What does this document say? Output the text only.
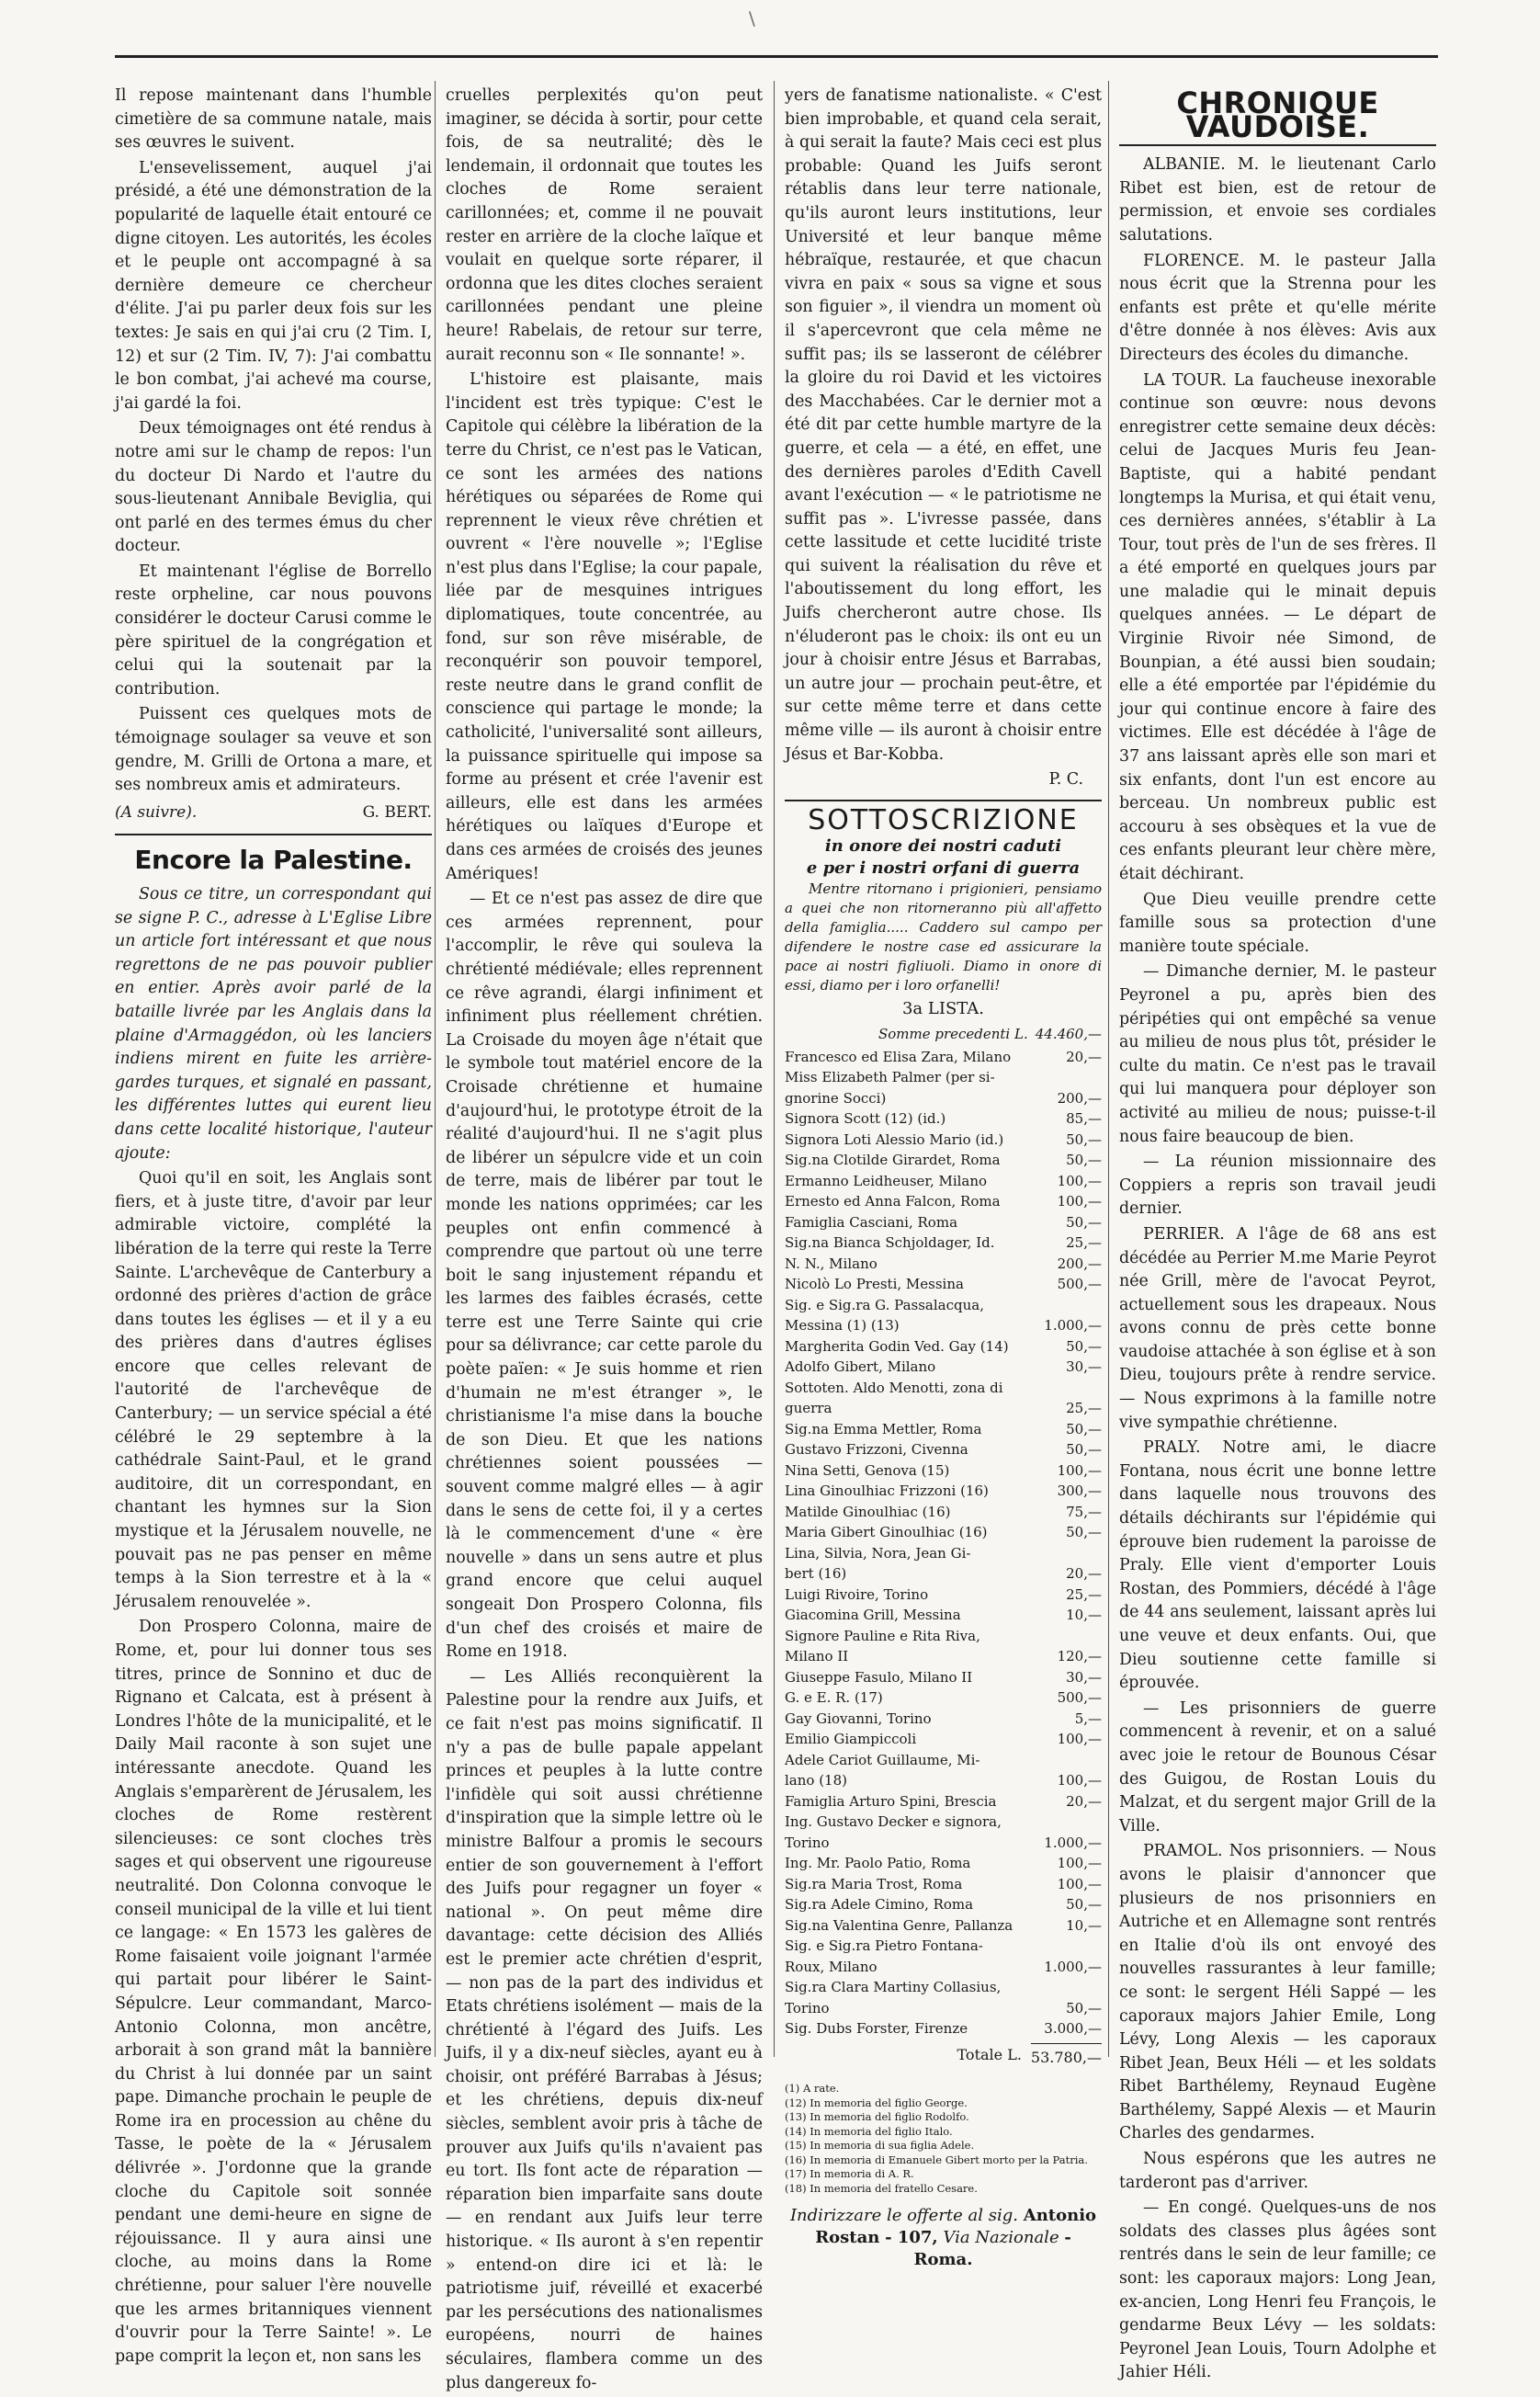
\

Il repose maintenant dans l'humble cimetière de sa commune natale, mais ses œuvres le suivent.

L'ensevelissement, auquel j'ai présidé, a été une démonstration de la popularité de laquelle était entouré ce digne citoyen. Les autorités, les écoles et le peuple ont accompagné à sa dernière demeure ce chercheur d'élite. J'ai pu parler deux fois sur les textes: Je sais en qui j'ai cru (2 Tim. I, 12) et sur (2 Tim. IV, 7): J'ai combattu le bon combat, j'ai achevé ma course, j'ai gardé la foi.

Deux témoignages ont été rendus à notre ami sur le champ de repos: l'un du docteur Di Nardo et l'autre du sous-lieutenant Annibale Beviglia, qui ont parlé en des termes émus du cher docteur.

Et maintenant l'église de Borrello reste orpheline, car nous pouvons considérer le docteur Carusi comme le père spirituel de la congrégation et celui qui la soutenait par la contribution.

Puissent ces quelques mots de témoignage soulager sa veuve et son gendre, M. Grilli de Ortona a mare, et ses nombreux amis et admirateurs.

(A suivre).	G. BERT.
Encore la Palestine.

Sous ce titre, un correspondant qui se signe P. C., adresse à L'Eglise Libre un article fort intéressant et que nous regrettons de ne pas pouvoir publier en entier. Après avoir parlé de la bataille livrée par les Anglais dans la plaine d'Armaggédon, où les lanciers indiens mirent en fuite les arrière-gardes turques, et signalé en passant, les différentes luttes qui eurent lieu dans cette localité historique, l'auteur ajoute:

Quoi qu'il en soit, les Anglais sont fiers, et à juste titre, d'avoir par leur admirable victoire, complété la libération de la terre qui reste la Terre Sainte. L'archevêque de Canterbury a ordonné des prières d'action de grâce dans toutes les églises — et il y a eu des prières dans d'autres églises encore que celles relevant de l'autorité de l'archevêque de Canterbury; — un service spécial a été célébré le 29 septembre à la cathédrale Saint-Paul, et le grand auditoire, dit un correspondant, en chantant les hymnes sur la Sion mystique et la Jérusalem nouvelle, ne pouvait pas ne pas penser en même temps à la Sion terrestre et à la « Jérusalem renouvelée ».

Don Prospero Colonna, maire de Rome, et, pour lui donner tous ses titres, prince de Sonnino et duc de Rignano et Calcata, est à présent à Londres l'hôte de la municipalité, et le Daily Mail raconte à son sujet une intéressante anecdote. Quand les Anglais s'emparèrent de Jérusalem, les cloches de Rome restèrent silencieuses: ce sont cloches très sages et qui observent une rigoureuse neutralité. Don Colonna convoque le conseil municipal de la ville et lui tient ce langage: « En 1573 les galères de Rome faisaient voile joignant l'armée qui partait pour libérer le Saint-Sépulcre. Leur commandant, Marco-Antonio Colonna, mon ancêtre, arborait à son grand mât la bannière du Christ à lui donnée par un saint pape. Dimanche prochain le peuple de Rome ira en procession au chêne du Tasse, le poète de la « Jérusalem délivrée ». J'ordonne que la grande cloche du Capitole soit sonnée pendant une demi-heure en signe de réjouissance. Il y aura ainsi une cloche, au moins dans la Rome chrétienne, pour saluer l'ère nouvelle que les armes britanniques viennent d'ouvrir pour la Terre Sainte! ». Le pape comprit la leçon et, non sans les

cruelles perplexités qu'on peut imaginer, se décida à sortir, pour cette fois, de sa neutralité; dès le lendemain, il ordonnait que toutes les cloches de Rome seraient carillonnées; et, comme il ne pouvait rester en arrière de la cloche laïque et voulait en quelque sorte réparer, il ordonna que les dites cloches seraient carillonnées pendant une pleine heure! Rabelais, de retour sur terre, aurait reconnu son « Ile sonnante! ».

L'histoire est plaisante, mais l'incident est très typique: C'est le Capitole qui célèbre la libération de la terre du Christ, ce n'est pas le Vatican, ce sont les armées des nations hérétiques ou séparées de Rome qui reprennent le vieux rêve chrétien et ouvrent « l'ère nouvelle »; l'Eglise n'est plus dans l'Eglise; la cour papale, liée par de mesquines intrigues diplomatiques, toute concentrée, au fond, sur son rêve misérable, de reconquérir son pouvoir temporel, reste neutre dans le grand conflit de conscience qui partage le monde; la catholicité, l'universalité sont ailleurs, la puissance spirituelle qui impose sa forme au présent et crée l'avenir est ailleurs, elle est dans les armées hérétiques ou laïques d'Europe et dans ces armées de croisés des jeunes Amériques!

— Et ce n'est pas assez de dire que ces armées reprennent, pour l'accomplir, le rêve qui souleva la chrétienté médiévale; elles reprennent ce rêve agrandi, élargi infiniment et infiniment plus réellement chrétien. La Croisade du moyen âge n'était que le symbole tout matériel encore de la Croisade chrétienne et humaine d'aujourd'hui, le prototype étroit de la réalité d'aujourd'hui. Il ne s'agit plus de libérer un sépulcre vide et un coin de terre, mais de libérer par tout le monde les nations opprimées; car les peuples ont enfin commencé à comprendre que partout où une terre boit le sang injustement répandu et les larmes des faibles écrasés, cette terre est une Terre Sainte qui crie pour sa délivrance; car cette parole du poète païen: « Je suis homme et rien d'humain ne m'est étranger », le christianisme l'a mise dans la bouche de son Dieu. Et que les nations chrétiennes soient poussées — souvent comme malgré elles — à agir dans le sens de cette foi, il y a certes là le commencement d'une « ère nouvelle » dans un sens autre et plus grand encore que celui auquel songeait Don Prospero Colonna, fils d'un chef des croisés et maire de Rome en 1918.

— Les Alliés reconquièrent la Palestine pour la rendre aux Juifs, et ce fait n'est pas moins significatif. Il n'y a pas de bulle papale appelant princes et peuples à la lutte contre l'infidèle qui soit aussi chrétienne d'inspiration que la simple lettre où le ministre Balfour a promis le secours entier de son gouvernement à l'effort des Juifs pour regagner un foyer « national ». On peut même dire davantage: cette décision des Alliés est le premier acte chrétien d'esprit, — non pas de la part des individus et Etats chrétiens isolément — mais de la chrétienté à l'égard des Juifs. Les Juifs, il y a dix-neuf siècles, ayant eu à choisir, ont préféré Barrabas à Jésus; et les chrétiens, depuis dix-neuf siècles, semblent avoir pris à tâche de prouver aux Juifs qu'ils n'avaient pas eu tort. Ils font acte de réparation — réparation bien imparfaite sans doute — en rendant aux Juifs leur terre historique. « Ils auront à s'en repentir » entend-on dire ici et là: le patriotisme juif, réveillé et exacerbé par les persécutions des nationalismes européens, nourri de haines séculaires, flambera comme un des plus dangereux fo-

yers de fanatisme nationaliste. « C'est bien improbable, et quand cela serait, à qui serait la faute? Mais ceci est plus probable: Quand les Juifs seront rétablis dans leur terre nationale, qu'ils auront leurs institutions, leur Université et leur banque même hébraïque, restaurée, et que chacun vivra en paix « sous sa vigne et sous son figuier », il viendra un moment où il s'apercevront que cela même ne suffit pas; ils se lasseront de célébrer la gloire du roi David et les victoires des Macchabées. Car le dernier mot a été dit par cette humble martyre de la guerre, et cela — a été, en effet, une des dernières paroles d'Edith Cavell avant l'exécution — « le patriotisme ne suffit pas ». L'ivresse passée, dans cette lassitude et cette lucidité triste qui suivent la réalisation du rêve et l'aboutissement du long effort, les Juifs chercheront autre chose. Ils n'éluderont pas le choix: ils ont eu un jour à choisir entre Jésus et Barrabas, un autre jour — prochain peut-être, et sur cette même terre et dans cette même ville — ils auront à choisir entre Jésus et Bar-Kobba.

P. C.
SOTTOSCRIZIONE
in onore dei nostri caduti
e per i nostri orfani di guerra

Mentre ritornano i prigionieri, pensiamo a quei che non ritorneranno più all'affetto della famiglia..... Caddero sul campo per difendere le nostre case ed assicurare la pace ai nostri figliuoli. Diamo in onore di essi, diamo per i loro orfanelli!

3a LISTA.
Somme precedenti L. 44.460,—
Francesco ed Elisa Zara, Milano	20,—
Miss Elizabeth Palmer (per si-
gnorine Socci)	200,—
Signora Scott (12) (id.)	85,—
Signora Loti Alessio Mario (id.)	50,—
Sig.na Clotilde Girardet, Roma	50,—
Ermanno Leidheuser, Milano	100,—
Ernesto ed Anna Falcon, Roma	100,—
Famiglia Casciani, Roma	50,—
Sig.na Bianca Schjoldager, Id.	25,—
N. N., Milano	200,—
Nicolò Lo Presti, Messina	500,—
Sig. e Sig.ra G. Passalacqua,
Messina (1) (13)	1.000,—
Margherita Godin Ved. Gay (14)	50,—
Adolfo Gibert, Milano	30,—
Sottoten. Aldo Menotti, zona di
guerra	25,—
Sig.na Emma Mettler, Roma	50,—
Gustavo Frizzoni, Civenna	50,—
Nina Setti, Genova (15)	100,—
Lina Ginoulhiac Frizzoni (16)	300,—
Matilde Ginoulhiac (16)	75,—
Maria Gibert Ginoulhiac (16)	50,—
Lina, Silvia, Nora, Jean Gi-
bert (16)	20,—
Luigi Rivoire, Torino	25,—
Giacomina Grill, Messina	10,—
Signore Pauline e Rita Riva,
Milano II	120,—
Giuseppe Fasulo, Milano II	30,—
G. e E. R. (17)	500,—
Gay Giovanni, Torino	5,—
Emilio Giampiccoli	100,—
Adele Cariot Guillaume, Mi-
lano (18)	100,—
Famiglia Arturo Spini, Brescia	20,—
Ing. Gustavo Decker e signora,
Torino	1.000,—
Ing. Mr. Paolo Patio, Roma	100,—
Sig.ra Maria Trost, Roma	100,—
Sig.ra Adele Cimino, Roma	50,—
Sig.na Valentina Genre, Pallanza	10,—
Sig. e Sig.ra Pietro Fontana-
Roux, Milano	1.000,—
Sig.ra Clara Martiny Collasius,
Torino	50,—
Sig. Dubs Forster, Firenze	3.000,—
Totale L. 53.780,—
(1) A rate.
(12) In memoria del figlio George.
(13) In memoria del figlio Rodolfo.
(14) In memoria del figlio Italo.
(15) In memoria di sua figlia Adele.
(16) In memoria di Emanuele Gibert morto per la Patria.
(17) In memoria di A. R.
(18) In memoria del fratello Cesare.
Indirizzare le offerte al sig. Antonio
Rostan - 107, Via Nazionale - Roma.
CHRONIQUE VAUDOISE.

ALBANIE. M. le lieutenant Carlo Ribet est bien, est de retour de permission, et envoie ses cordiales salutations.

FLORENCE. M. le pasteur Jalla nous écrit que la Strenna pour les enfants est prête et qu'elle mérite d'être donnée à nos élèves: Avis aux Directeurs des écoles du dimanche.

LA TOUR. La faucheuse inexorable continue son œuvre: nous devons enregistrer cette semaine deux décès: celui de Jacques Muris feu Jean-Baptiste, qui a habité pendant longtemps la Murisa, et qui était venu, ces dernières années, s'établir à La Tour, tout près de l'un de ses frères. Il a été emporté en quelques jours par une maladie qui le minait depuis quelques années. — Le départ de Virginie Rivoir née Simond, de Bounpian, a été aussi bien soudain; elle a été emportée par l'épidémie du jour qui continue encore à faire des victimes. Elle est décédée à l'âge de 37 ans laissant après elle son mari et six enfants, dont l'un est encore au berceau. Un nombreux public est accouru à ses obsèques et la vue de ces enfants pleurant leur chère mère, était déchirant.

Que Dieu veuille prendre cette famille sous sa protection d'une manière toute spéciale.

— Dimanche dernier, M. le pasteur Peyronel a pu, après bien des péripéties qui ont empêché sa venue au milieu de nous plus tôt, présider le culte du matin. Ce n'est pas le travail qui lui manquera pour déployer son activité au milieu de nous; puisse-t-il nous faire beaucoup de bien.

— La réunion missionnaire des Coppiers a repris son travail jeudi dernier.

PERRIER. A l'âge de 68 ans est décédée au Perrier M.me Marie Peyrot née Grill, mère de l'avocat Peyrot, actuellement sous les drapeaux. Nous avons connu de près cette bonne vaudoise attachée à son église et à son Dieu, toujours prête à rendre service. — Nous exprimons à la famille notre vive sympathie chrétienne.

PRALY. Notre ami, le diacre Fontana, nous écrit une bonne lettre dans laquelle nous trouvons des détails déchirants sur l'épidémie qui éprouve bien rudement la paroisse de Praly. Elle vient d'emporter Louis Rostan, des Pommiers, décédé à l'âge de 44 ans seulement, laissant après lui une veuve et deux enfants. Oui, que Dieu soutienne cette famille si éprouvée.

— Les prisonniers de guerre commencent à revenir, et on a salué avec joie le retour de Bounous César des Guigou, de Rostan Louis du Malzat, et du sergent major Grill de la Ville.

PRAMOL. Nos prisonniers. — Nous avons le plaisir d'annoncer que plusieurs de nos prisonniers en Autriche et en Allemagne sont rentrés en Italie d'où ils ont envoyé des nouvelles rassurantes à leur famille; ce sont: le sergent Héli Sappé — les caporaux majors Jahier Emile, Long Lévy, Long Alexis — les caporaux Ribet Jean, Beux Héli — et les soldats Ribet Barthélemy, Reynaud Eugène Barthélemy, Sappé Alexis — et Maurin Charles des gendarmes.

Nous espérons que les autres ne tarderont pas d'arriver.

— En congé. Quelques-uns de nos soldats des classes plus âgées sont rentrés dans le sein de leur famille; ce sont: les caporaux majors: Long Jean, ex-ancien, Long Henri feu François, le gendarme Beux Lévy — les soldats: Peyronel Jean Louis, Tourn Adolphe et Jahier Héli.
